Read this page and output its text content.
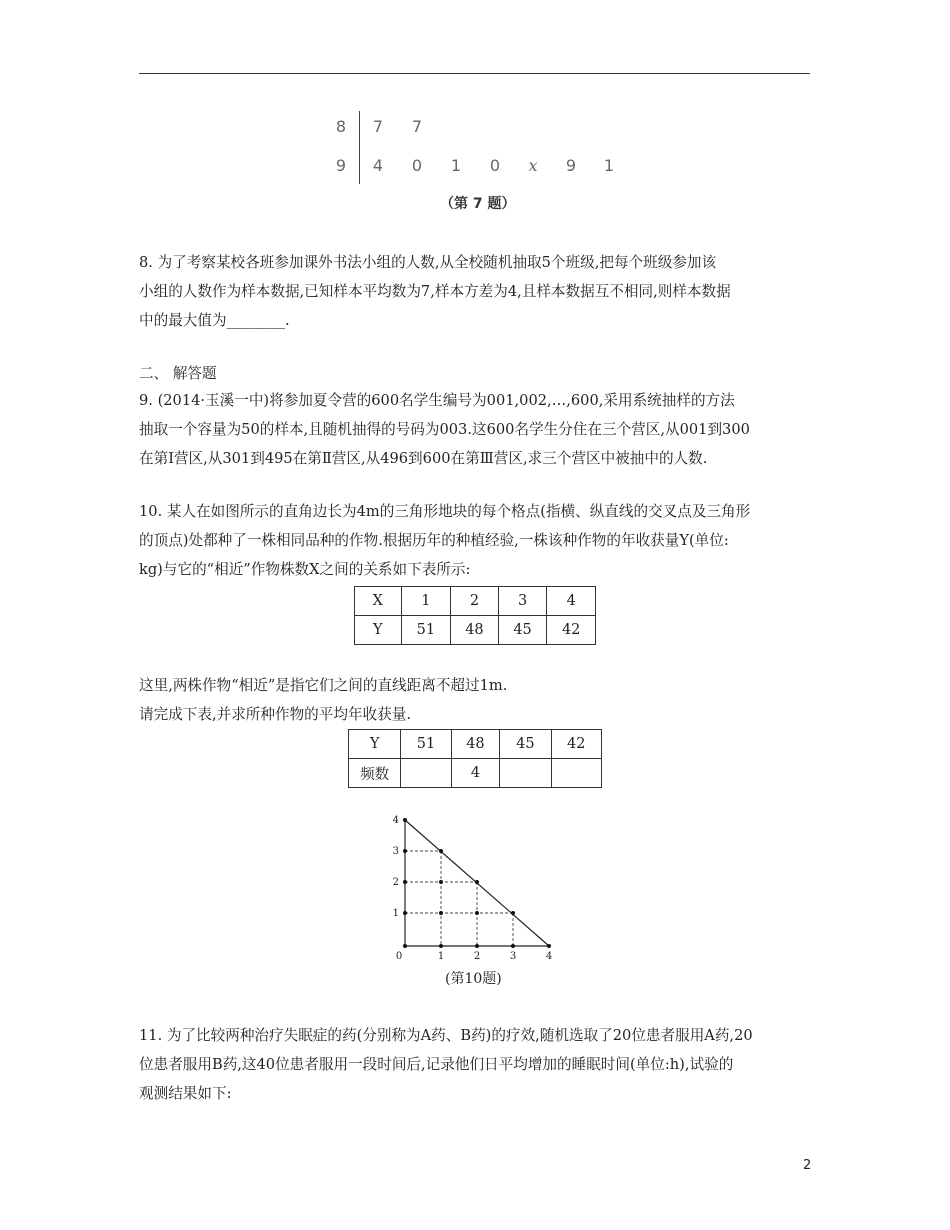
8	7	7
9	4	0	1	0	x	9	1
（第 7 题）
8. 为了考察某校各班参加课外书法小组的人数,从全校随机抽取5个班级,把每个班级参加该
小组的人数作为样本数据,已知样本平均数为7,样本方差为4,且样本数据互不相同,则样本数据
中的最大值为________.
二、 解答题
9. (2014·玉溪一中)将参加夏令营的600名学生编号为001,002,…,600,采用系统抽样的方法
抽取一个容量为50的样本,且随机抽得的号码为003.这600名学生分住在三个营区,从001到300
在第Ⅰ营区,从301到495在第Ⅱ营区,从496到600在第Ⅲ营区,求三个营区中被抽中的人数.
10. 某人在如图所示的直角边长为4m的三角形地块的每个格点(指横、纵直线的交叉点及三角形
的顶点)处都种了一株相同品种的作物.根据历年的种植经验,一株该种作物的年收获量Y(单位:
kg)与它的“相近”作物株数X之间的关系如下表所示:
X	1	2	3	4
Y	51	48	45	42
这里,两株作物“相近”是指它们之间的直线距离不超过1m.
请完成下表,并求所种作物的平均年收获量.
Y	51	48	45	42
频数		4		
0	1	2	3	4
1
2
3
4
(第10题)
11. 为了比较两种治疗失眠症的药(分别称为A药、B药)的疗效,随机选取了20位患者服用A药,20
位患者服用B药,这40位患者服用一段时间后,记录他们日平均增加的睡眠时间(单位:h),试验的
观测结果如下:
2
